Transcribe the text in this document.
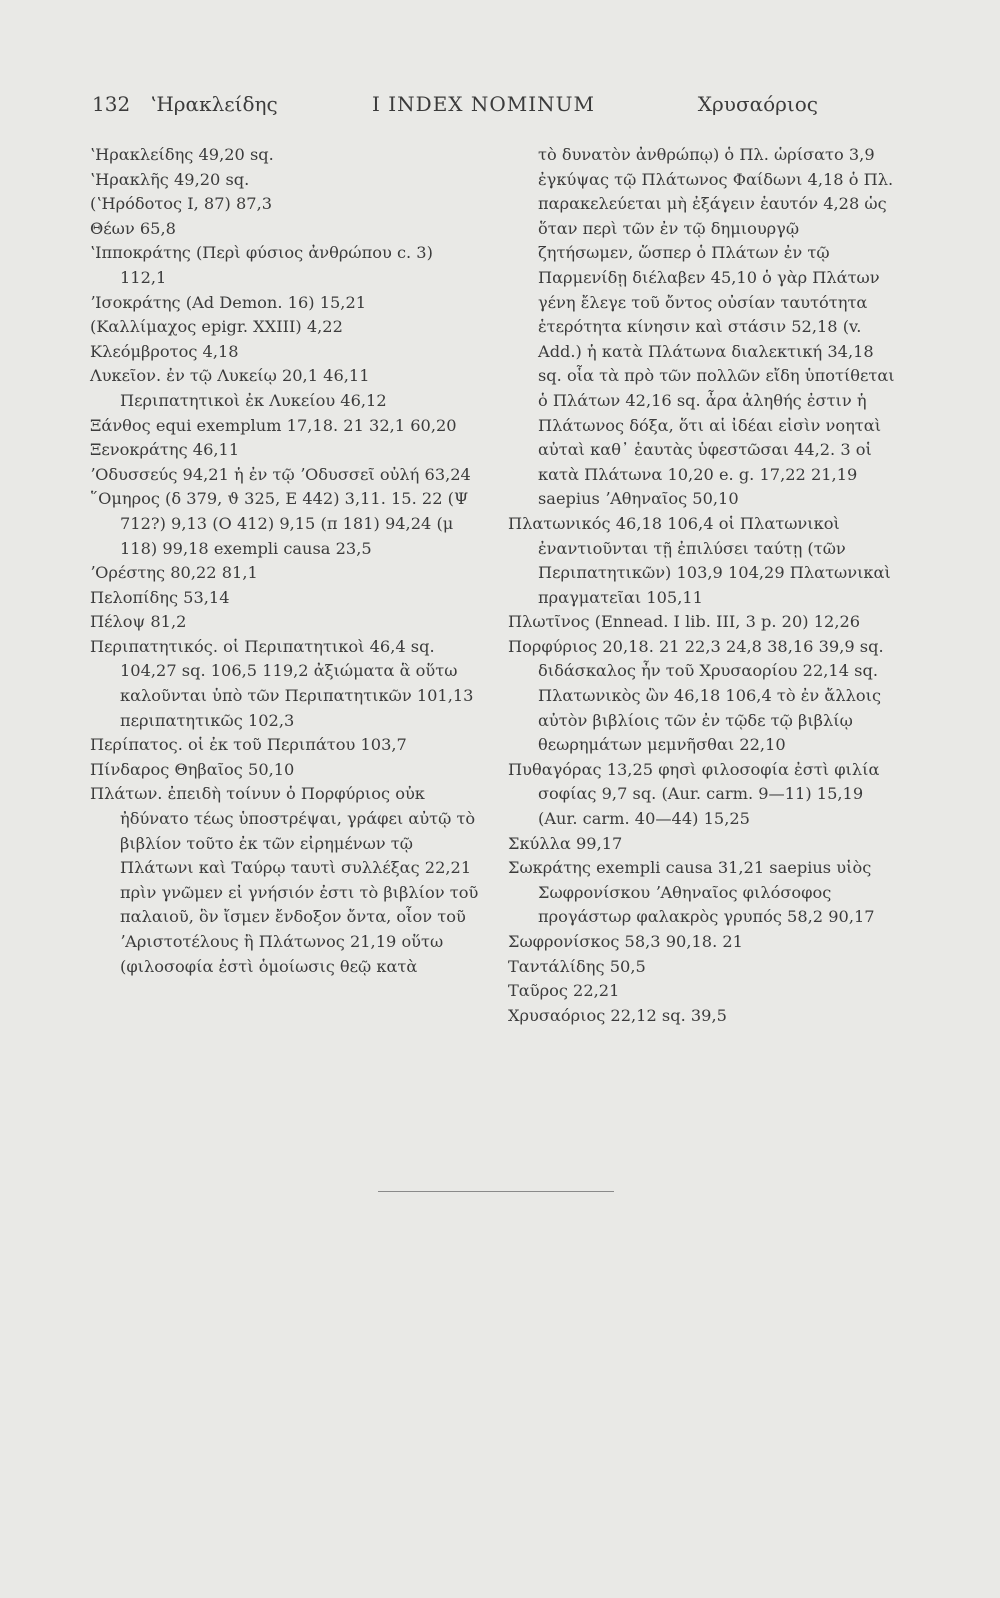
132 ʽΗρακλείδης	I INDEX NOMINUM	Χρυσαόριος

ʽΗρακλείδης 49,20 sq.

ʽΗρακλῆς 49,20 sq.

(ʽΗρόδοτος I, 87) 87,3

Θέων 65,8

ʽΙπποκράτης (Περὶ φύσιος ἀνθρώπου c. 3) 112,1

ʼΙσοκράτης (Ad Demon. 16) 15,21

(Καλλίμαχος epigr. XXIII) 4,22

Κλεόμβροτος 4,18

Λυκεῖον. ἐν τῷ Λυκείῳ 20,1 46,11 Περιπατητικοὶ ἐκ Λυκείου 46,12

Ξάνθος equi exemplum 17,18. 21 32,1 60,20

Ξενοκράτης 46,11

ʼΟδυσσεύς 94,21 ἡ ἐν τῷ ʼΟδυσσεῖ οὐλή 63,24

῞Ομηρος (δ 379, ϑ 325, Ε 442) 3,11. 15. 22 (Ψ 712?) 9,13 (Ο 412) 9,15 (π 181) 94,24 (μ 118) 99,18 exempli causa 23,5

ʼΟρέστης 80,22 81,1

Πελοπίδης 53,14

Πέλοψ 81,2

Περιπατητικός. οἱ Περιπατητικοὶ 46,4 sq. 104,27 sq. 106,5 119,2 ἀξιώματα ἃ οὕτω καλοῦνται ὑπὸ τῶν Περιπατητικῶν 101,13 περιπατητικῶς 102,3

Περίπατος. οἱ ἐκ τοῦ Περιπάτου 103,7

Πίνδαρος Θηβαῖος 50,10

Πλάτων. ἐπειδὴ τοίνυν ὁ Πορφύριος οὐκ ἠδύνατο τέως ὑποστρέψαι, γράφει αὐτῷ τὸ βιβλίον τοῦτο ἐκ τῶν εἰρημένων τῷ Πλάτωνι καὶ Ταύρῳ ταυτὶ συλλέξας 22,21 πρὶν γνῶμεν εἰ γνήσιόν ἐστι τὸ βιβλίον τοῦ παλαιοῦ, ὃν ἴσμεν ἔνδοξον ὄντα, οἷον τοῦ ʼΑριστοτέλους ἢ Πλάτωνος 21,19 οὕτω (φιλοσοφία ἐστὶ ὁμοίωσις θεῷ κατὰ

τὸ δυνατὸν ἀνθρώπῳ) ὁ Πλ. ὡρίσατο 3,9 ἐγκύψας τῷ Πλάτωνος Φαίδωνι 4,18 ὁ Πλ. παρακελεύεται μὴ ἐξάγειν ἑαυτόν 4,28 ὡς ὅταν περὶ τῶν ἐν τῷ δημιουργῷ ζητήσωμεν, ὥσπερ ὁ Πλάτων ἐν τῷ Παρμενίδῃ διέλαβεν 45,10 ὁ γὰρ Πλάτων γένη ἔλεγε τοῦ ὄντος οὐσίαν ταυτότητα ἑτερότητα κίνησιν καὶ στάσιν 52,18 (v. Add.) ἡ κατὰ Πλάτωνα διαλεκτική 34,18 sq. οἷα τὰ πρὸ τῶν πολλῶν εἴδη ὑποτίθεται ὁ Πλάτων 42,16 sq. ἆρα ἀληθής ἐστιν ἡ Πλάτωνος δόξα, ὅτι αἱ ἰδέαι εἰσὶν νοηταὶ αὐταὶ καθ᾽ ἑαυτὰς ὑφεστῶσαι 44,2. 3 οἱ κατὰ Πλάτωνα 10,20 e. g. 17,22 21,19 saepius ʼΑθηναῖος 50,10

Πλατωνικός 46,18 106,4 οἱ Πλατωνικοὶ ἐναντιοῦνται τῇ ἐπιλύσει ταύτῃ (τῶν Περιπατητικῶν) 103,9 104,29 Πλατωνικαὶ πραγματεῖαι 105,11

Πλωτῖνος (Ennead. I lib. III, 3 p. 20) 12,26

Πορφύριος 20,18. 21 22,3 24,8 38,16 39,9 sq. διδάσκαλος ἦν τοῦ Χρυσαορίου 22,14 sq. Πλατωνικὸς ὢν 46,18 106,4 τὸ ἐν ἄλλοις αὐτὸν βιβλίοις τῶν ἐν τῷδε τῷ βιβλίῳ θεωρημάτων μεμνῆσθαι 22,10

Πυθαγόρας 13,25 φησὶ φιλοσοφία ἐστὶ φιλία σοφίας 9,7 sq. (Aur. carm. 9—11) 15,19 (Aur. carm. 40—44) 15,25

Σκύλλα 99,17

Σωκράτης exempli causa 31,21 saepius υἱὸς Σωφρονίσκου ʼΑθηναῖος φιλόσοφος προγάστωρ φαλακρὸς γρυπός 58,2 90,17

Σωφρονίσκος 58,3 90,18. 21

Ταντάλίδης 50,5

Ταῦρος 22,21

Χρυσαόριος 22,12 sq. 39,5
